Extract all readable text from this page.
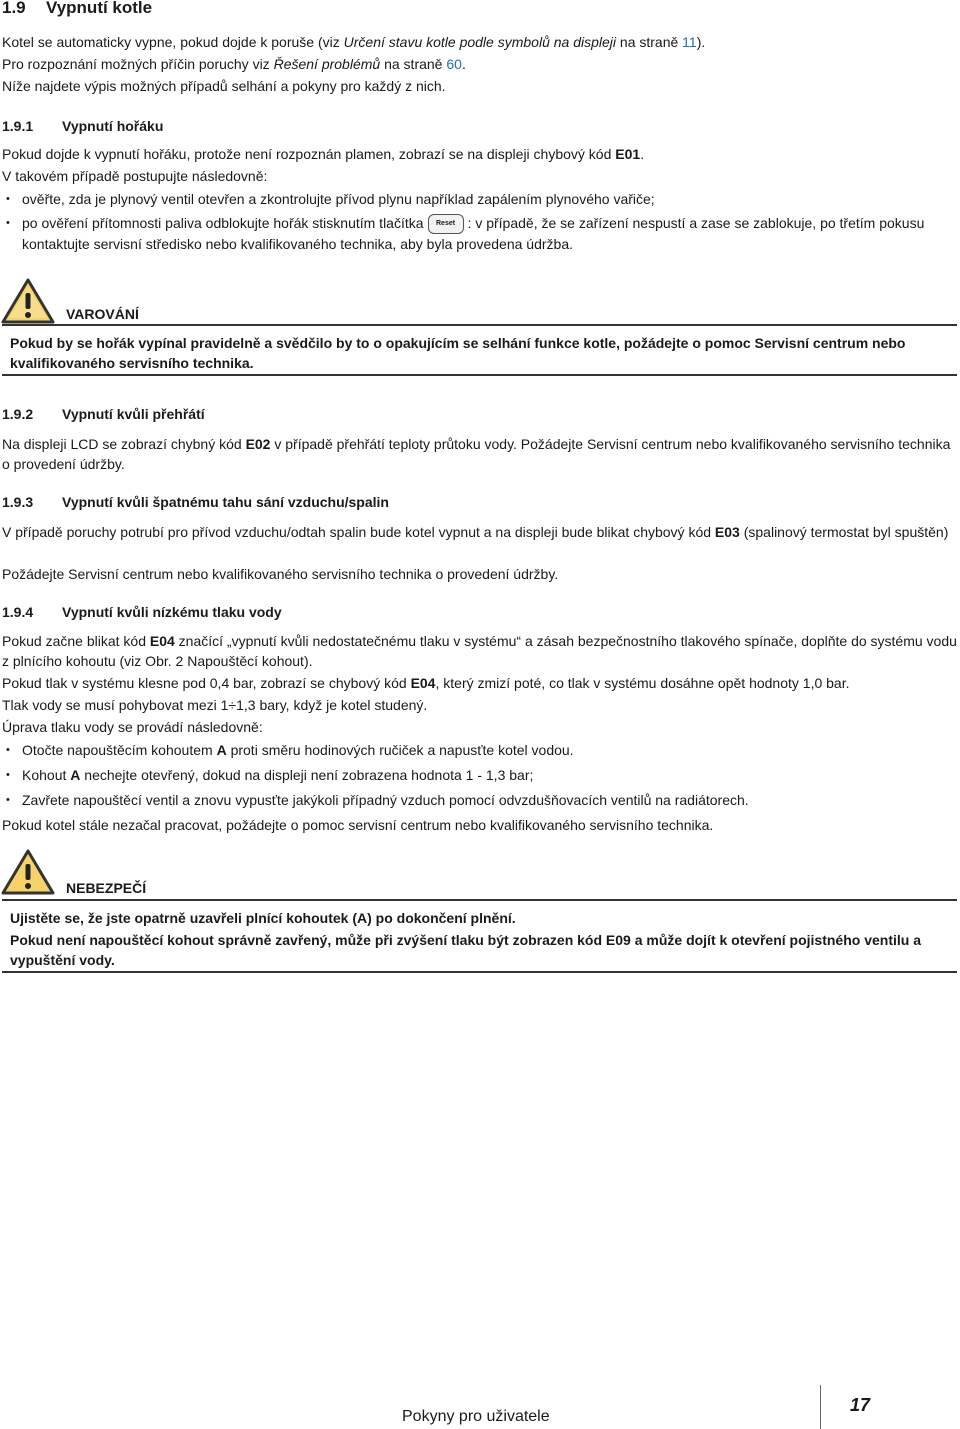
1.9 Vypnutí kotle
Kotel se automaticky vypne, pokud dojde k poruše (viz Určení stavu kotle podle symbolů na displeji na straně 11).
Pro rozpoznání možných příčin poruchy viz Řešení problémů na straně 60.
Níže najdete výpis možných případů selhání a pokyny pro každý z nich.
1.9.1 Vypnutí hořáku
Pokud dojde k vypnutí hořáku, protože není rozpoznán plamen, zobrazí se na displeji chybový kód E01.
V takovém případě postupujte následovně:
• ověřte, zda je plynový ventil otevřen a zkontrolujte přívod plynu například zapálením plynového vařiče;
• po ověření přítomnosti paliva odblokujte hořák stisknutím tlačítka Reset : v případě, že se zařízení nespustí a zase se zablokuje, po třetím pokusu kontaktujte servisní středisko nebo kvalifikovaného technika, aby byla provedena údržba.
VAROVÁNÍ
Pokud by se hořák vypínal pravidelně a svědčilo by to o opakujícím se selhání funkce kotle, požádejte o pomoc Servisní centrum nebo kvalifikovaného servisního technika.
1.9.2 Vypnutí kvůli přehřátí
Na displeji LCD se zobrazí chybný kód E02 v případě přehřátí teploty průtoku vody. Požádejte Servisní centrum nebo kvalifikovaného servisního technika o provedení údržby.
1.9.3 Vypnutí kvůli špatnému tahu sání vzduchu/spalin
V případě poruchy potrubí pro přívod vzduchu/odtah spalin bude kotel vypnut a na displeji bude blikat chybový kód E03 (spalinový termostat byl spuštěn)
Požádejte Servisní centrum nebo kvalifikovaného servisního technika o provedení údržby.
1.9.4 Vypnutí kvůli nízkému tlaku vody
Pokud začne blikat kód E04 značící „vypnutí kvůli nedostatečnému tlaku v systému“ a zásah bezpečnostního tlakového spínače, doplňte do systému vodu z plnícího kohoutu (viz Obr. 2 Napouštěcí kohout).
Pokud tlak v systému klesne pod 0,4 bar, zobrazí se chybový kód E04, který zmizí poté, co tlak v systému dosáhne opět hodnoty 1,0 bar.
Tlak vody se musí pohybovat mezi 1÷1,3 bary, když je kotel studený.
Úprava tlaku vody se provádí následovně:
• Otočte napouštěcím kohoutem A proti směru hodinových ručiček a napusťte kotel vodou.
• Kohout A nechejte otevřený, dokud na displeji není zobrazena hodnota 1 - 1,3 bar;
• Zavřete napouštěcí ventil a znovu vypusťte jakýkoli případný vzduch pomocí odvzdušňovacích ventilů na radiátorech.
Pokud kotel stále nezačal pracovat, požádejte o pomoc servisní centrum nebo kvalifikovaného servisního technika.
NEBEZPEČÍ
Ujistěte se, že jste opatrně uzavřeli plnící kohoutek (A) po dokončení plnění.
Pokud není napouštěcí kohout správně zavřený, může při zvýšení tlaku být zobrazen kód E09 a může dojít k otevření pojistného ventilu a vypuštění vody.
Pokyny pro uživatele
17
